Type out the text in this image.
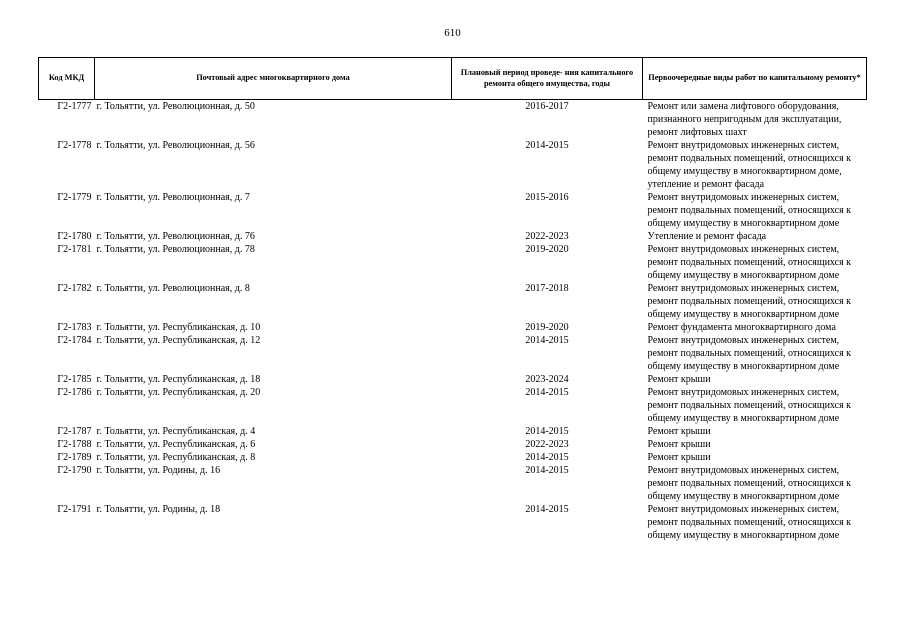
610
Код МКД	Почтовый адрес многоквартирного дома	Плановый период проведе- ния капитального ремонта общего имущества, годы	Первоочередные виды работ по капитальному ремонту*
Г2-1777	г. Тольятти, ул. Революционная, д. 50	2016-2017	Ремонт или замена лифтового оборудования,
признанного непригодным для эксплуатации,
ремонт лифтовых шахт

Г2-1778	г. Тольятти, ул. Революционная, д. 56	2014-2015	Ремонт внутридомовых инженерных систем,
ремонт подвальных помещений, относящихся к
общему имуществу в многоквартирном доме,
утепление и ремонт фасада

Г2-1779	г. Тольятти, ул. Революционная, д. 7	2015-2016	Ремонт внутридомовых инженерных систем,
ремонт подвальных помещений, относящихся к
общему имуществу в многоквартирном доме

Г2-1780	г. Тольятти, ул. Революционная, д. 76	2022-2023	Утепление и ремонт фасада

Г2-1781	г. Тольятти, ул. Революционная, д. 78	2019-2020	Ремонт внутридомовых инженерных систем,
ремонт подвальных помещений, относящихся к
общему имуществу в многоквартирном доме

Г2-1782	г. Тольятти, ул. Революционная, д. 8	2017-2018	Ремонт внутридомовых инженерных систем,
ремонт подвальных помещений, относящихся к
общему имуществу в многоквартирном доме

Г2-1783	г. Тольятти, ул. Республиканская, д. 10	2019-2020	Ремонт фундамента многоквартирного дома

Г2-1784	г. Тольятти, ул. Республиканская, д. 12	2014-2015	Ремонт внутридомовых инженерных систем,
ремонт подвальных помещений, относящихся к
общему имуществу в многоквартирном доме

Г2-1785	г. Тольятти, ул. Республиканская, д. 18	2023-2024	Ремонт крыши

Г2-1786	г. Тольятти, ул. Республиканская, д. 20	2014-2015	Ремонт внутридомовых инженерных систем,
ремонт подвальных помещений, относящихся к
общему имуществу в многоквартирном доме

Г2-1787	г. Тольятти, ул. Республиканская, д. 4	2014-2015	Ремонт крыши

Г2-1788	г. Тольятти, ул. Республиканская, д. 6	2022-2023	Ремонт крыши

Г2-1789	г. Тольятти, ул. Республиканская, д. 8	2014-2015	Ремонт крыши

Г2-1790	г. Тольятти, ул. Родины, д. 16	2014-2015	Ремонт внутридомовых инженерных систем,
ремонт подвальных помещений, относящихся к
общему имуществу в многоквартирном доме

Г2-1791	г. Тольятти, ул. Родины, д. 18	2014-2015	Ремонт внутридомовых инженерных систем,
ремонт подвальных помещений, относящихся к
общему имуществу в многоквартирном доме
